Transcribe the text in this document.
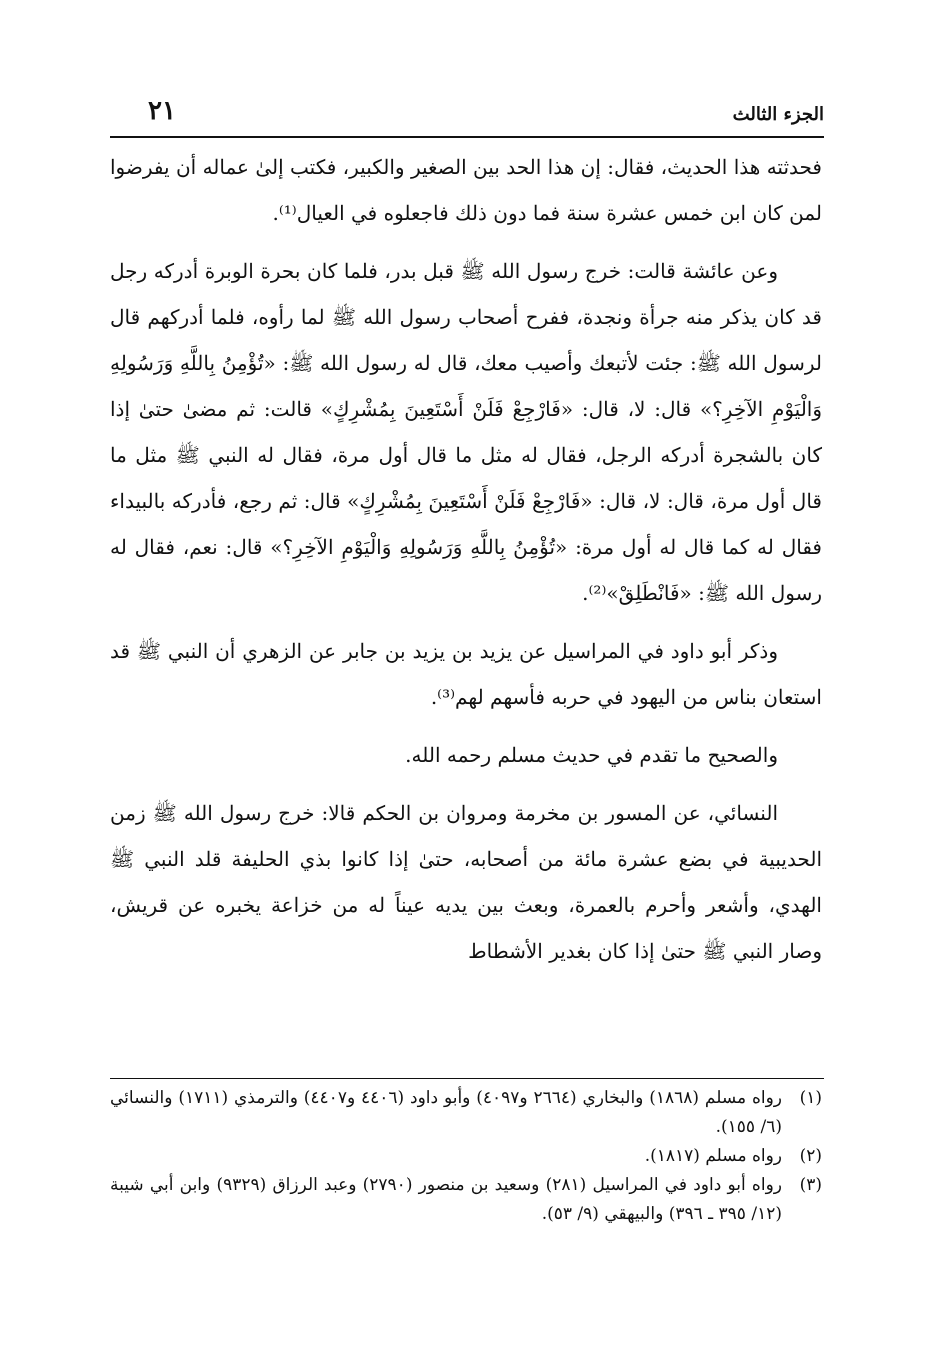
٢١	الجزء الثالث

فحدثته هذا الحديث، فقال: إن هذا الحد بين الصغير والكبير، فكتب إلىٰ عماله أن يفرضوا لمن كان ابن خمس عشرة سنة فما دون ذلك فاجعلوه في العيال⁽¹⁾.

وعن عائشة قالت: خرج رسول الله ﷺ قبل بدر، فلما كان بحرة الوبرة أدركه رجل قد كان يذكر منه جرأة ونجدة، ففرح أصحاب رسول الله ﷺ لما رأوه، فلما أدركهم قال لرسول الله ﷺ: جئت لأتبعك وأصيب معك، قال له رسول الله ﷺ: «تُؤْمِنُ بِاللَّهِ وَرَسُولِهِ وَالْيَوْمِ الآخِرِ؟» قال: لا، قال: «فَارْجِعْ فَلَنْ أَسْتَعِينَ بِمُشْرِكٍ» قالت: ثم مضىٰ حتىٰ إذا كان بالشجرة أدركه الرجل، فقال له مثل ما قال أول مرة، فقال له النبي ﷺ مثل ما قال أول مرة، قال: لا، قال: «فَارْجِعْ فَلَنْ أَسْتَعِينَ بِمُشْرِكٍ» قال: ثم رجع، فأدركه بالبيداء فقال له كما قال له أول مرة: «تُؤْمِنُ بِاللَّهِ وَرَسُولِهِ وَالْيَوْمِ الآخِرِ؟» قال: نعم، فقال له رسول الله ﷺ: «فَانْطَلِقْ»⁽²⁾.

وذكر أبو داود في المراسيل عن يزيد بن يزيد بن جابر عن الزهري أن النبي ﷺ قد استعان بناس من اليهود في حربه فأسهم لهم⁽³⁾.

والصحيح ما تقدم في حديث مسلم رحمه الله.

النسائي، عن المسور بن مخرمة ومروان بن الحكم قالا: خرج رسول الله ﷺ زمن الحديبية في بضع عشرة مائة من أصحابه، حتىٰ إذا كانوا بذي الحليفة قلد النبي ﷺ الهدي، وأشعر وأحرم بالعمرة، وبعث بين يديه عيناً له من خزاعة يخبره عن قريش، وصار النبي ﷺ حتىٰ إذا كان بغدير الأشطاط

(١)
رواه مسلم (١٨٦٨) والبخاري (٢٦٦٤ و٤٠٩٧) وأبو داود (٤٤٠٦ و٤٤٠٧) والترمذي (١٧١١) والنسائي (٦/ ١٥٥).

(٢)
رواه مسلم (١٨١٧).

(٣)
رواه أبو داود في المراسيل (٢٨١) وسعيد بن منصور (٢٧٩٠) وعبد الرزاق (٩٣٢٩) وابن أبي شيبة (١٢/ ٣٩٥ ـ ٣٩٦) والبيهقي (٩/ ٥٣).
